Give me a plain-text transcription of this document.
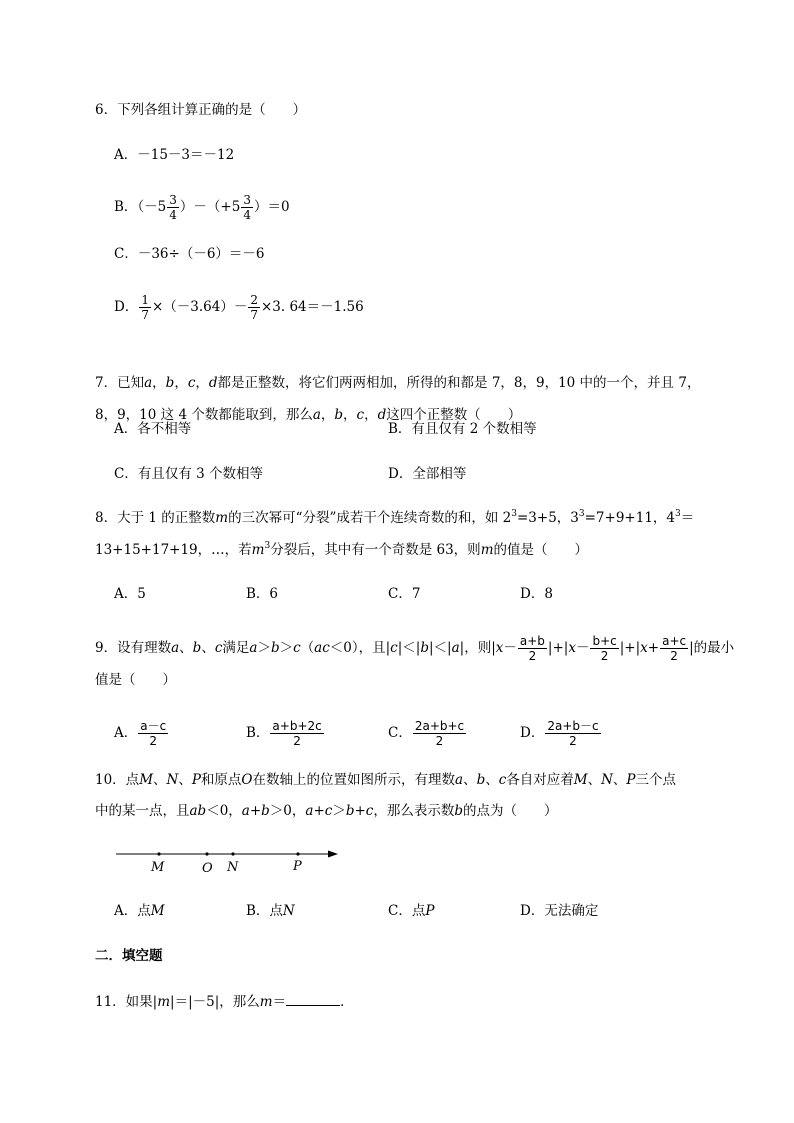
6．下列各组计算正确的是（　　）
A．－15－3＝－12
B．$(-5 \frac{3}{4} )-(+5 \frac{3}{4} )=0$
C．－36÷（－6）＝－6
D． $\frac{1}{7} \times(-3.64)- \frac{2}{7} \times 3$. 64＝－1.56
7．已知a，b，c，d都是正整数，将它们两两相加，所得的和都是 7，8，9，10 中的一个，并且 7，
8，9，10 这 4 个数都能取到，那么a，b，c，d这四个正整数（　　）
A．各不相等	B．有且仅有 2 个数相等
C．有且仅有 3 个数相等	D．全部相等
8．大于 1 的正整数m的三次幂可“分裂”成若干个连续奇数的和，如 $2^3=3+5$，$3^3=7+9+11$，$4^3=$
13+15+17+19，…，若$m^3$分裂后，其中有一个奇数是 63，则m的值是（　　）
A．5	B．6	C．7	D．8
9．设有理数a、b、c满足a＞b＞c（ac＜0），且|c|＜|b|＜|a|，则$|x- \frac{a+b}{2} |+|x- \frac{b+c}{2} |+|x+ \frac{a+c}{2}$ |的最小
值是（　　）
A． $\frac{a-c}{2}$	B． $\frac{a+b+2c}{2}$	C． $\frac{2a+b+c}{2}$	D． $\frac{2a+b-c}{2}$
10．点M、N、P和原点O在数轴上的位置如图所示，有理数a、b、c各自对应着M、N、P三个点
中的某一点，且ab＜0，a+b＞0，a+c＞b+c，那么表示数b的点为（　　）
M	O N	P
A．点M	B．点N	C．点P	D．无法确定
二．填空题
11．如果|m|＝|－5|，那么m＝	．
